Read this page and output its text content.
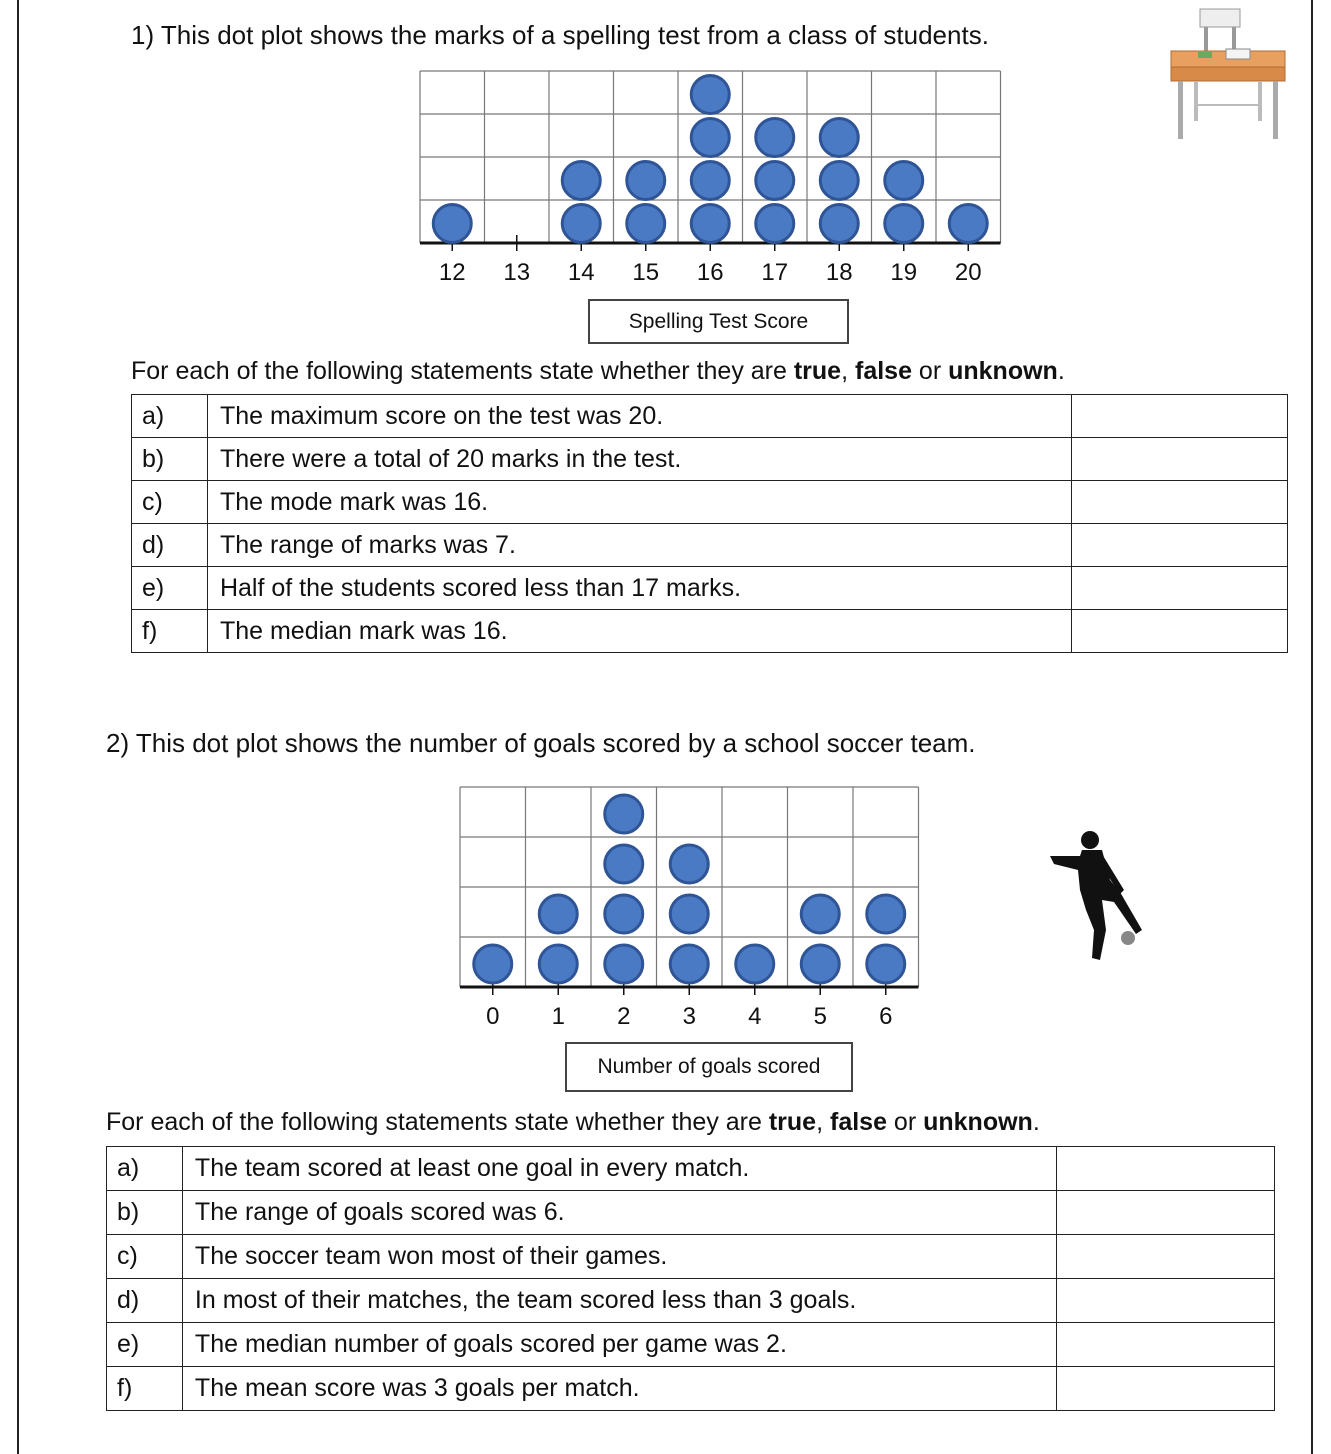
1) This dot plot shows the marks of a spelling test from a class of students.
12 13 14 15 16 17 18 19 20
Spelling Test Score
For each of the following statements state whether they are true, false or unknown.
a)	The maximum score on the test was 20.	
b)	There were a total of 20 marks in the test.	
c)	The mode mark was 16.	
d)	The range of marks was 7.	
e)	Half of the students scored less than 17 marks.	
f)	The median mark was 16.	
2) This dot plot shows the number of goals scored by a school soccer team.
0 1 2 3 4 5 6
Number of goals scored
For each of the following statements state whether they are true, false or unknown.
a)	The team scored at least one goal in every match.	
b)	The range of goals scored was 6.	
c)	The soccer team won most of their games.	
d)	In most of their matches, the team scored less than 3 goals.	
e)	The median number of goals scored per game was 2.	
f)	The mean score was 3 goals per match.	
